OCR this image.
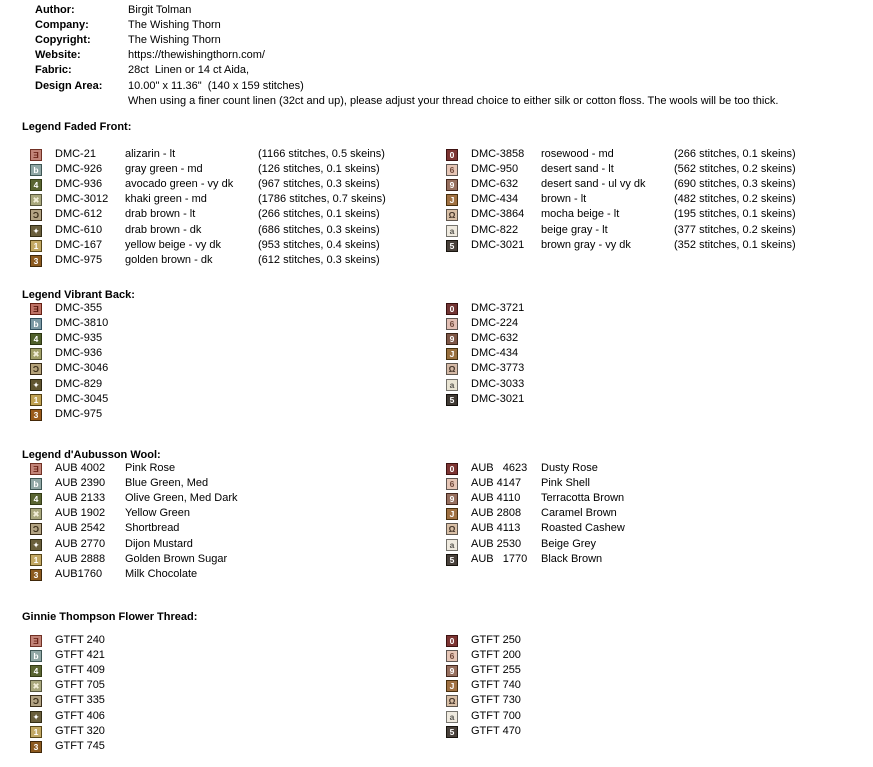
Author:	Birgit Tolman
Company:	The Wishing Thorn
Copyright:	The Wishing Thorn
Website:	https://thewishingthorn.com/
Fabric:	28ct  Linen or 14 ct Aida,
Design Area: 10.00" x 11.36"  (140 x 159 stitches)
When using a finer count linen (32ct and up), please adjust your thread choice to either silk or cotton floss. The wools will be too thick.
Legend Faded Front:
Ǝ DMC-21	alizarin - lt	(1166 stitches, 0.5 skeins)
b	DMC-926	gray green - md	(126 stitches, 0.1 skeins)
4	DMC-936	avocado green - vy dk	(967 stitches, 0.3 skeins)
✖ DMC-3012	khaki green - md	(1786 stitches, 0.7 skeins)
Ɔ DMC-612	drab brown - lt	(266 stitches, 0.1 skeins)
✦ DMC-610	drab brown - dk	(686 stitches, 0.3 skeins)
1	DMC-167	yellow beige - vy dk	(953 stitches, 0.4 skeins)
3	DMC-975	golden brown - dk	(612 stitches, 0.3 skeins)
0	DMC-3858	rosewood - md	(266 stitches, 0.1 skeins)
6	DMC-950	desert sand - lt	(562 stitches, 0.2 skeins)
9	DMC-632	desert sand - ul vy dk	(690 stitches, 0.3 skeins)
J	DMC-434	brown - lt	(482 stitches, 0.2 skeins)
Ω DMC-3864	mocha beige - lt	(195 stitches, 0.1 skeins)
a	DMC-822	beige gray - lt	(377 stitches, 0.2 skeins)
5	DMC-3021	brown gray - vy dk	(352 stitches, 0.1 skeins)
Legend Vibrant Back:
Ǝ DMC-355
b	DMC-3810
4	DMC-935
✖ DMC-936
Ɔ DMC-3046
✦ DMC-829
1	DMC-3045
3	DMC-975
0	DMC-3721
6	DMC-224
9	DMC-632
J	DMC-434
Ω DMC-3773
a	DMC-3033
5	DMC-3021
Legend d'Aubusson Wool:
Ǝ AUB 4002	Pink Rose
b	AUB 2390	Blue Green, Med
4	AUB 2133	Olive Green, Med Dark
✖ AUB 1902	Yellow Green
Ɔ AUB 2542	Shortbread
✦ AUB 2770	Dijon Mustard
1	AUB 2888	Golden Brown Sugar
3	AUB1760	Milk Chocolate
0	AUB   4623	Dusty Rose
6	AUB 4147	Pink Shell
9	AUB 4110	Terracotta Brown
J	AUB 2808	Caramel Brown
Ω AUB 4113	Roasted Cashew
a	AUB 2530	Beige Grey
5	AUB   1770	Black Brown
Ginnie Thompson Flower Thread:
Ǝ GTFT 240
b	GTFT 421
4	GTFT 409
✖ GTFT 705
Ɔ GTFT 335
✦ GTFT 406
1	GTFT 320
3	GTFT 745
0	GTFT 250
6	GTFT 200
9	GTFT 255
J	GTFT 740
Ω GTFT 730
a	GTFT 700
5	GTFT 470
